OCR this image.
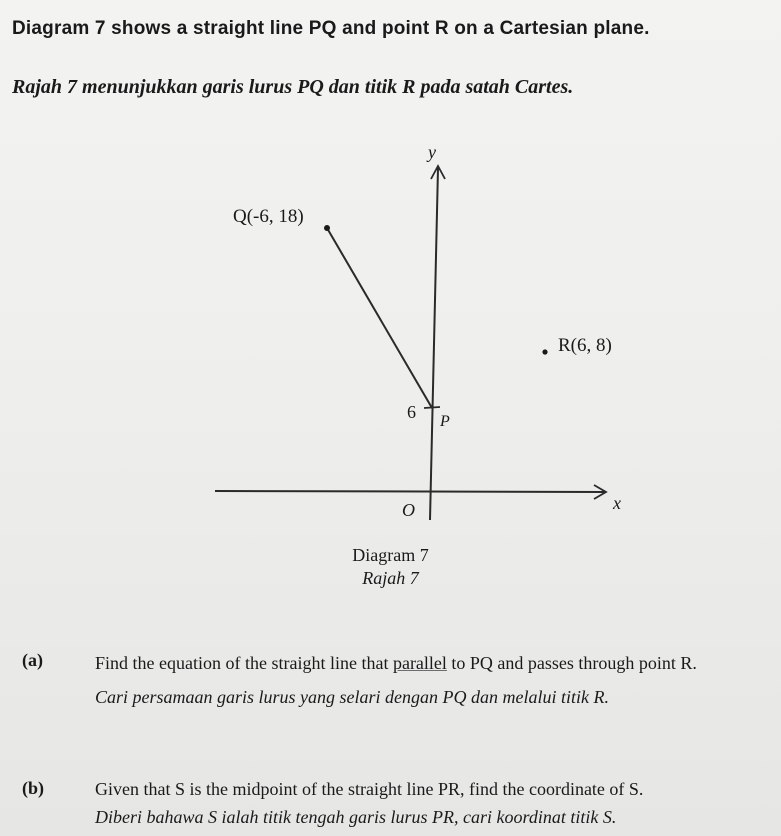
Diagram 7 shows a straight line PQ and point R on a Cartesian plane.
Rajah 7 menunjukkan garis lurus PQ dan titik R pada satah Cartes.
y
x
O
Q(-6, 18)
R(6, 8)
P
6
Diagram 7
Rajah 7
(a)	Find the equation of the straight line that parallel to PQ and passes through point R.
Cari persamaan garis lurus yang selari dengan PQ dan melalui titik R.
(b)	Given that S is the midpoint of the straight line PR, find the coordinate of S.
Diberi bahawa S ialah titik tengah garis lurus PR, cari koordinat titik S.
